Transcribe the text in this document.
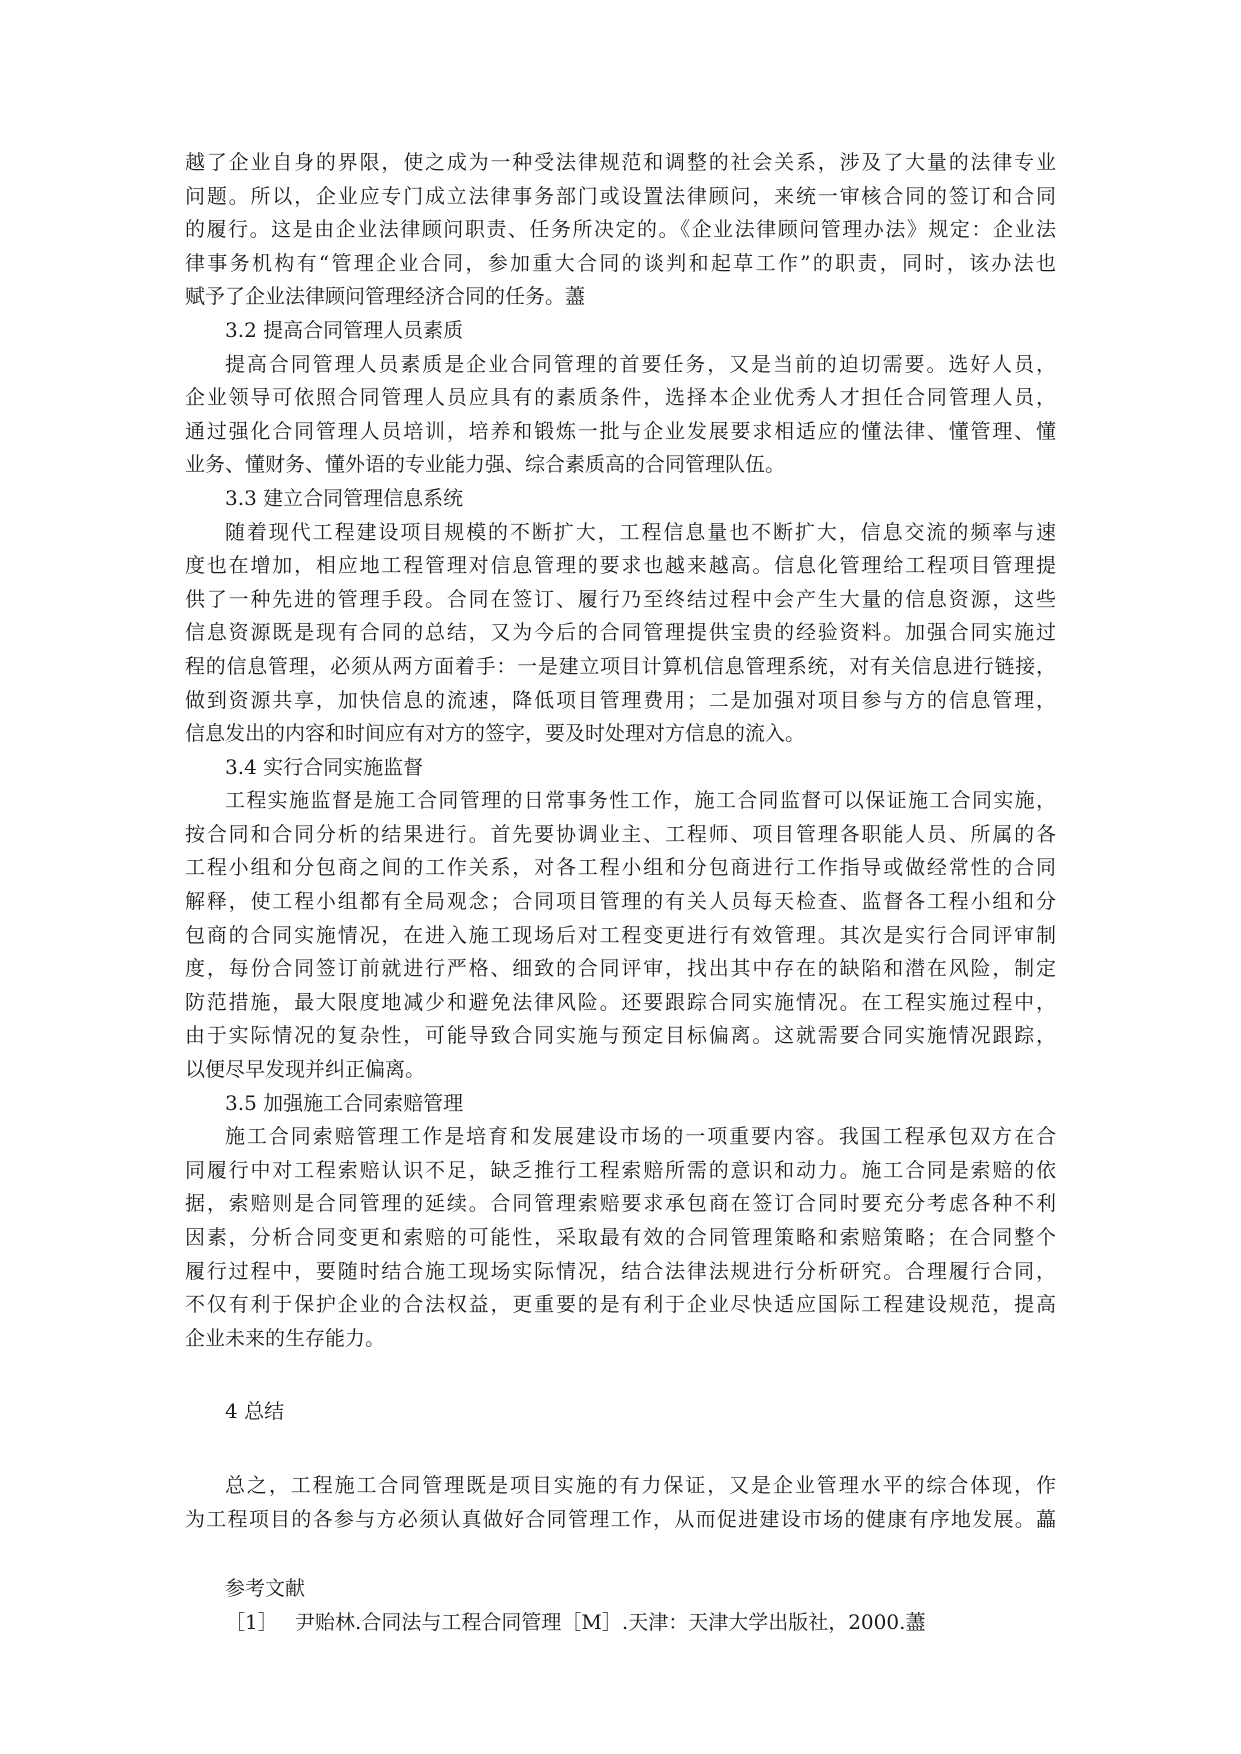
越了企业自身的界限，使之成为一种受法律规范和调整的社会关系，涉及了大量的法律专业
问题。所以，企业应专门成立法律事务部门或设置法律顾问，来统一审核合同的签订和合同
的履行。这是由企业法律顾问职责、任务所决定的。《企业法律顾问管理办法》规定：企业法
律事务机构有“管理企业合同，参加重大合同的谈判和起草工作”的职责，同时，该办法也
赋予了企业法律顾问管理经济合同的任务。藎
3.2 提高合同管理人员素质
提高合同管理人员素质是企业合同管理的首要任务，又是当前的迫切需要。选好人员，
企业领导可依照合同管理人员应具有的素质条件，选择本企业优秀人才担任合同管理人员，
通过强化合同管理人员培训，培养和锻炼一批与企业发展要求相适应的懂法律、懂管理、懂
业务、懂财务、懂外语的专业能力强、综合素质高的合同管理队伍。
3.3 建立合同管理信息系统
随着现代工程建设项目规模的不断扩大，工程信息量也不断扩大，信息交流的频率与速
度也在增加，相应地工程管理对信息管理的要求也越来越高。信息化管理给工程项目管理提
供了一种先进的管理手段。合同在签订、履行乃至终结过程中会产生大量的信息资源，这些
信息资源既是现有合同的总结，又为今后的合同管理提供宝贵的经验资料。加强合同实施过
程的信息管理，必须从两方面着手：一是建立项目计算机信息管理系统，对有关信息进行链接，
做到资源共享，加快信息的流速，降低项目管理费用；二是加强对项目参与方的信息管理，
信息发出的内容和时间应有对方的签字，要及时处理对方信息的流入。
3.4 实行合同实施监督
工程实施监督是施工合同管理的日常事务性工作，施工合同监督可以保证施工合同实施，
按合同和合同分析的结果进行。首先要协调业主、工程师、项目管理各职能人员、所属的各
工程小组和分包商之间的工作关系，对各工程小组和分包商进行工作指导或做经常性的合同
解释，使工程小组都有全局观念；合同项目管理的有关人员每天检查、监督各工程小组和分
包商的合同实施情况，在进入施工现场后对工程变更进行有效管理。其次是实行合同评审制
度，每份合同签订前就进行严格、细致的合同评审，找出其中存在的缺陷和潜在风险，制定
防范措施，最大限度地减少和避免法律风险。还要跟踪合同实施情况。在工程实施过程中，
由于实际情况的复杂性，可能导致合同实施与预定目标偏离。这就需要合同实施情况跟踪，
以便尽早发现并纠正偏离。
3.5 加强施工合同索赔管理
施工合同索赔管理工作是培育和发展建设市场的一项重要内容。我国工程承包双方在合
同履行中对工程索赔认识不足，缺乏推行工程索赔所需的意识和动力。施工合同是索赔的依
据，索赔则是合同管理的延续。合同管理索赔要求承包商在签订合同时要充分考虑各种不利
因素，分析合同变更和索赔的可能性，采取最有效的合同管理策略和索赔策略；在合同整个
履行过程中，要随时结合施工现场实际情况，结合法律法规进行分析研究。合理履行合同，
不仅有利于保护企业的合法权益，更重要的是有利于企业尽快适应国际工程建设规范，提高
企业未来的生存能力。
4 总结
总之，工程施工合同管理既是项目实施的有力保证，又是企业管理水平的综合体现，作
为工程项目的各参与方必须认真做好合同管理工作，从而促进建设市场的健康有序地发展。藟
参考文献
［1］ 尹贻林.合同法与工程合同管理［M］.天津：天津大学出版社，2000.藎
